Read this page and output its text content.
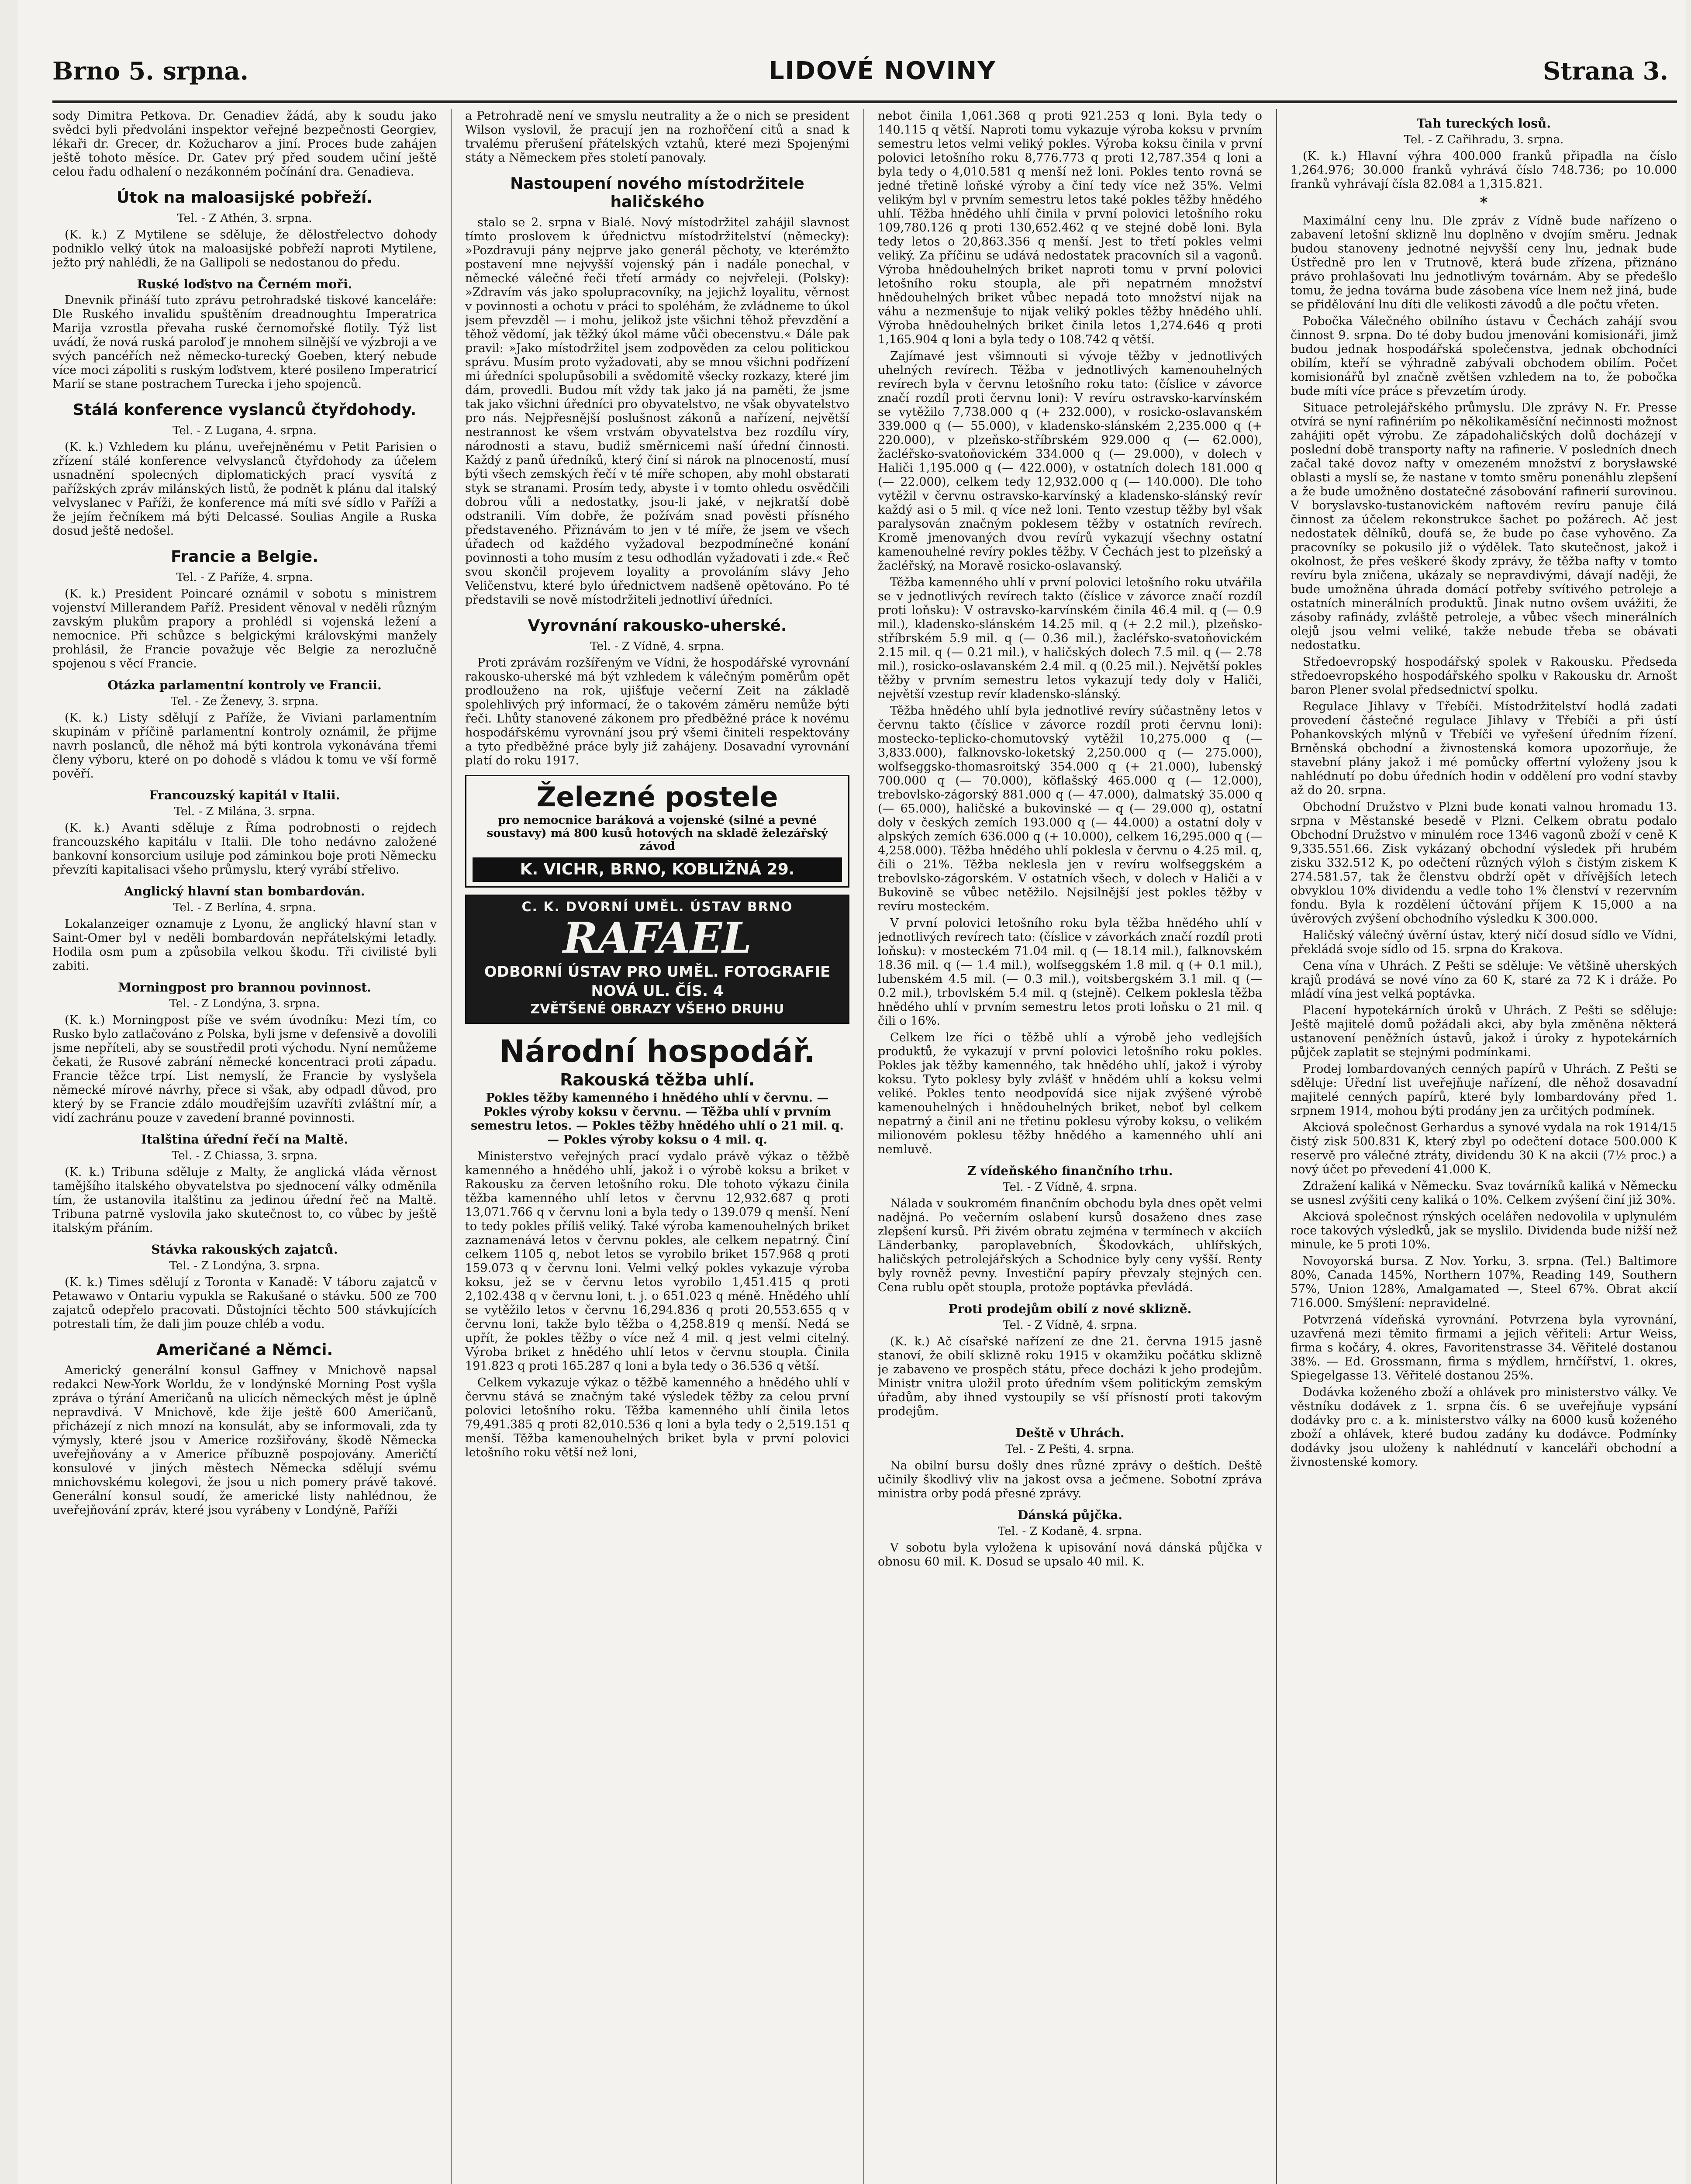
Brno 5. srpna.	LIDOVÉ NOVINY	Strana 3.

sody Dimitra Petkova. Dr. Genadiev žádá, aby k soudu jako svědci byli předvoláni inspektor veřejné bezpečnosti Georgiev, lékaři dr. Grecer, dr. Kožucharov a jiní. Proces bude zahájen ještě tohoto měsíce. Dr. Gatev prý před soudem učiní ještě celou řadu odhalení o nezákonném počínání dra. Genadieva.

Útok na maloasijské pobřeží.

Tel. - Z Athén, 3. srpna.

(K. k.) Z Mytilene se sděluje, že dělostřelectvo dohody podniklo velký útok na maloasijské pobřeží naproti Mytilene, ježto prý nahlédli, že na Gallipoli se nedostanou do předu.

Ruské loďstvo na Černém moři.

Dnevnik přináší tuto zprávu petrohradské tiskové kanceláře: Dle Ruského invalidu spuštěním dreadnoughtu Imperatrica Marija vzrostla převaha ruské černomořské flotily. Týž list uvádí, že nová ruská paroloď je mnohem silnější ve výzbroji a ve svých pancéřích než německo-turecký Goeben, který nebude více moci zápoliti s ruským loďstvem, které posileno Imperatricí Marií se stane postrachem Turecka i jeho spojenců.

Stálá konference vyslanců čtyřdohody.

Tel. - Z Lugana, 4. srpna.

(K. k.) Vzhledem ku plánu, uveřejněnému v Petit Parisien o zřízení stálé konference velvyslanců čtyřdohody za účelem usnadnění spolecných diplomatických prací vysvítá z pařížských zpráv milánských listů, že podnět k plánu dal italský velvyslanec v Paříži, že konference má míti své sídlo v Paříži a že jejím řečníkem má býti Delcassé. Soulias Angile a Ruska dosud ještě nedošel.

Francie a Belgie.

Tel. - Z Paříže, 4. srpna.

(K. k.) President Poincaré oznámil v sobotu s ministrem vojenství Millerandem Paříž. President věnoval v neděli různým zavským plukům prapory a prohlédl si vojenská ležení a nemocnice. Při schůzce s belgickými královskými manžely prohlásil, že Francie považuje věc Belgie za nerozlučně spojenou s věcí Francie.

Otázka parlamentní kontroly ve Francii.

Tel. - Ze Ženevy, 3. srpna.

(K. k.) Listy sdělují z Paříže, že Viviani parlamentním skupinám v příčině parlamentní kontroly oznámil, že přijme navrh poslanců, dle něhož má býti kontrola vykonávána třemi členy výboru, které on po dohodě s vládou k tomu ve vší formě pověří.

Francouzský kapitál v Italii.

Tel. - Z Milána, 3. srpna.

(K. k.) Avanti sděluje z Říma podrobnosti o rejdech francouzského kapitálu v Italii. Dle toho nedávno založené bankovní konsorcium usiluje pod záminkou boje proti Německu převzíti kapitalisaci všeho průmyslu, který vyrábí střelivo.

Anglický hlavní stan bombardován.

Tel. - Z Berlína, 4. srpna.

Lokalanzeiger oznamuje z Lyonu, že anglický hlavní stan v Saint-Omer byl v neděli bombardován nepřátelskými letadly. Hodila osm pum a způsobila velkou škodu. Tři civilisté byli zabiti.

Morningpost pro brannou povinnost.

Tel. - Z Londýna, 3. srpna.

(K. k.) Morningpost píše ve svém úvodníku: Mezi tím, co Rusko bylo zatlačováno z Polska, byli jsme v defensivě a dovolili jsme nepříteli, aby se soustředil proti východu. Nyní nemůžeme čekati, že Rusové zabrání německé koncentraci proti západu. Francie těžce trpí. List nemyslí, že Francie by vyslyšela německé mírové návrhy, přece si však, aby odpadl důvod, pro který by se Francie zdálo moudřejším uzavříti zvláštní mír, a vidí zachránu pouze v zavedení branné povinnosti.

Italština úřední řečí na Maltě.

Tel. - Z Chiassa, 3. srpna.

(K. k.) Tribuna sděluje z Malty, že anglická vláda věrnost tamějšího italského obyvatelstva po sjednocení války odměnila tím, že ustanovila italštinu za jedinou úřední řeč na Maltě. Tribuna patrně vyslovila jako skutečnost to, co vůbec by ještě italským přáním.

Stávka rakouských zajatců.

Tel. - Z Londýna, 3. srpna.

(K. k.) Times sdělují z Toronta v Kanadě: V táboru zajatců v Petawawo v Ontariu vypukla se Rakušané o stávku. 500 ze 700 zajatců odepřelo pracovati. Důstojníci těchto 500 stávkujících potrestali tím, že dali jim pouze chléb a vodu.

Američané a Němci.

Americký generální konsul Gaffney v Mnichově napsal redakci New-York Worldu, že v londýnské Morning Post vyšla zpráva o týrání Američanů na ulicích německých měst je úplně nepravdivá. V Mnichově, kde žije ještě 600 Američanů, přicházejí z nich mnozí na konsulát, aby se informovali, zda ty výmysly, které jsou v Americe rozšiřovány, škodě Německa uveřejňovány a v Americe příbuzně pospojovány. Američtí konsulové v jiných městech Německa sdělují svému mnichovskému kolegovi, že jsou u nich pomery právě takové. Generální konsul soudí, že americké listy nahlédnou, že uveřejňování zpráv, které jsou vyrábeny v Londýně, Paříži

a Petrohradě není ve smyslu neutrality a že o nich se president Wilson vyslovil, že pracují jen na rozhořčení citů a snad k trvalému přerušení přátelských vztahů, které mezi Spojenými státy a Německem přes století panovaly.

Nastoupení nového místodržitele haličského

stalo se 2. srpna v Bialé. Nový místodržitel zahájil slavnost tímto proslovem k úřednictvu místodržitelství (německy): »Pozdravuji pány nejprve jako generál pěchoty, ve kterémžto postavení mne nejvyšší vojenský pán i nadále ponechal, v německé válečné řeči třetí armády co nejvřeleji. (Polsky): »Zdravím vás jako spolupracovníky, na jejichž loyalitu, věrnost v povinnosti a ochotu v práci to spoléhám, že zvládneme to úkol jsem převzděl — i mohu, jelikož jste všichni těhož převzdění a těhož vědomí, jak těžký úkol máme vůči obecenstvu.« Dále pak pravil: »Jako místodržitel jsem zodpověden za celou politickou správu. Musím proto vyžadovati, aby se mnou všichni podřízení mi úředníci spolupůsobili a svědomitě všecky rozkazy, které jim dám, provedli. Budou mít vždy tak jako já na paměti, že jsme tak jako všichni úředníci pro obyvatelstvo, ne však obyvatelstvo pro nás. Nejpřesnější poslušnost zákonů a nařízení, největší nestrannost ke všem vrstvám obyvatelstva bez rozdílu víry, národnosti a stavu, budiž směrnicemi naší úřední činnosti. Každý z panů úředníků, který činí si nárok na plnoceností, musí býti všech zemských řečí v té míře schopen, aby mohl obstarati styk se stranami. Prosím tedy, abyste i v tomto ohledu osvědčili dobrou vůli a nedostatky, jsou-li jaké, v nejkratší době odstranili. Vím dobře, že požívám snad pověsti přísného představeného. Přiznávám to jen v té míře, že jsem ve všech úřadech od každého vyžadoval bezpodmínečné konání povinnosti a toho musím z tesu odhodlán vyžadovati i zde.« Řeč svou skončil projevem loyality a provoláním slávy Jeho Veličenstvu, které bylo úřednictvem nadšeně opětováno. Po té představili se nově místodržiteli jednotliví úředníci.

Vyrovnání rakousko-uherské.

Tel. - Z Vídně, 4. srpna.

Proti zprávám rozšířeným ve Vídni, že hospodářské vyrovnání rakousko-uherské má být vzhledem k válečným poměrům opět prodlouženo na rok, ujišťuje večerní Zeit na základě spolehlivých prý informací, že o takovém záměru nemůže býti řeči. Lhůty stanovené zákonem pro předběžné práce k novému hospodářskému vyrovnání jsou prý všemi činiteli respektovány a tyto předběžné práce byly již zahájeny. Dosavadní vyrovnání platí do roku 1917.

Železné postele
pro nemocnice baráková a vojenské (silné a pevné soustavy) má 800 kusů hotových na skladě železářský závod
K. VICHR, BRNO, KOBLIŽNÁ 29.
C. K. DVORNÍ UMĚL. ÚSTAV BRNO
RAFAEL
ODBORNÍ ÚSTAV PRO UMĚL. FOTOGRAFIE NOVÁ UL. ČÍS. 4
ZVĚTŠENÉ OBRAZY VŠEHO DRUHU
Národní hospodář.
Rakouská těžba uhlí.

Pokles těžby kamenného i hnědého uhlí v červnu. — Pokles výroby koksu v červnu. — Těžba uhlí v prvním semestru letos. — Pokles těžby hnědého uhlí o 21 mil. q. — Pokles výroby koksu o 4 mil. q.

Ministerstvo veřejných prací vydalo právě výkaz o těžbě kamenného a hnědého uhlí, jakož i o výrobě koksu a briket v Rakousku za červen letošního roku. Dle tohoto výkazu činila těžba kamenného uhlí letos v červnu 12,932.687 q proti 13,071.766 q v červnu loni a byla tedy o 139.079 q menší. Není to tedy pokles příliš veliký. Také výroba kamenouhelných briket zaznamenává letos v červnu pokles, ale celkem nepatrný. Činí celkem 1105 q, nebot letos se vyrobilo briket 157.968 q proti 159.073 q v červnu loni. Velmi velký pokles vykazuje výroba koksu, jež se v červnu letos vyrobilo 1,451.415 q proti 2,102.438 q v červnu loni, t. j. o 651.023 q méně. Hnědého uhlí se vytěžilo letos v červnu 16,294.836 q proti 20,553.655 q v červnu loni, takže bylo těžba o 4,258.819 q menší. Nedá se upřít, že pokles těžby o více než 4 mil. q jest velmi citelný. Výroba briket z hnědého uhlí letos v červnu stoupla. Činila 191.823 q proti 165.287 q loni a byla tedy o 36.536 q větší.

Celkem vykazuje výkaz o těžbě kamenného a hnědého uhlí v červnu stává se značným také výsledek těžby za celou první polovici letošního roku. Těžba kamenného uhlí činila letos 79,491.385 q proti 82,010.536 q loni a byla tedy o 2,519.151 q menší. Těžba kamenouhelných briket byla v první polovici letošního roku větší než loni,

nebot činila 1,061.368 q proti 921.253 q loni. Byla tedy o 140.115 q větší. Naproti tomu vykazuje výroba koksu v prvním semestru letos velmi veliký pokles. Výroba koksu činila v první polovici letošního roku 8,776.773 q proti 12,787.354 q loni a byla tedy o 4,010.581 q menší než loni. Pokles tento rovná se jedné třetině loňské výroby a činí tedy více než 35%. Velmi velikým byl v prvním semestru letos také pokles těžby hnědého uhlí. Těžba hnědého uhlí činila v první polovici letošního roku 109,780.126 q proti 130,652.462 q ve stejné době loni. Byla tedy letos o 20,863.356 q menší. Jest to třetí pokles velmi veliký. Za příčinu se udává nedostatek pracovních sil a vagonů. Výroba hnědouhelných briket naproti tomu v první polovici letošního roku stoupla, ale při nepatrném množství hnědouhelných briket vůbec nepadá toto množství nijak na váhu a nezmenšuje to nijak veliký pokles těžby hnědého uhlí. Výroba hnědouhelných briket činila letos 1,274.646 q proti 1,165.904 q loni a byla tedy o 108.742 q větší.

Zajímavé jest všimnouti si vývoje těžby v jednotlivých uhelných revírech. Těžba v jednotlivých kamenouhelných revírech byla v červnu letošního roku tato: (číslice v závorce značí rozdíl proti červnu loni): V revíru ostravsko-karvínském se vytěžilo 7,738.000 q (+ 232.000), v rosicko-oslavanském 339.000 q (— 55.000), v kladensko-slánském 2,235.000 q (+ 220.000), v plzeňsko-stříbrském 929.000 q (— 62.000), žacléřsko-svatoňovickém 334.000 q (— 29.000), v dolech v Haliči 1,195.000 q (— 422.000), v ostatních dolech 181.000 q (— 22.000), celkem tedy 12,932.000 q (— 140.000). Dle toho vytěžil v červnu ostravsko-karvínský a kladensko-slánský revír každý asi o 5 mil. q více než loni. Tento vzestup těžby byl však paralysován značným poklesem těžby v ostatních revírech. Kromě jmenovaných dvou revírů vykazují všechny ostatní kamenouhelné revíry pokles těžby. V Čechách jest to plzeňský a žacléřský, na Moravě rosicko-oslavanský.

Těžba kamenného uhlí v první polovici letošního roku utvářila se v jednotlivých revírech takto (číslice v závorce značí rozdíl proti loňsku): V ostravsko-karvínském činila 46.4 mil. q (— 0.9 mil.), kladensko-slánském 14.25 mil. q (+ 2.2 mil.), plzeňsko-stříbrském 5.9 mil. q (— 0.36 mil.), žacléřsko-svatoňovickém 2.15 mil. q (— 0.21 mil.), v haličských dolech 7.5 mil. q (— 2.78 mil.), rosicko-oslavanském 2.4 mil. q (0.25 mil.). Největší pokles těžby v prvním semestru letos vykazují tedy doly v Haliči, největší vzestup revír kladensko-slánský.

Těžba hnědého uhlí byla jednotlivé revíry súčastněny letos v červnu takto (číslice v závorce rozdíl proti červnu loni): mostecko-teplicko-chomutovský vytěžil 10,275.000 q (— 3,833.000), falknovsko-loketský 2,250.000 q (— 275.000), wolfseggsko-thomasroitský 354.000 q (+ 21.000), lubenský 700.000 q (— 70.000), köflašský 465.000 q (— 12.000), trebovlsko-zágorský 881.000 q (— 47.000), dalmatský 35.000 q (— 65.000), haličské a bukovinské — q (— 29.000 q), ostatní doly v českých zemích 193.000 q (— 44.000) a ostatní doly v alpských zemích 636.000 q (+ 10.000), celkem 16,295.000 q (— 4,258.000). Těžba hnědého uhlí poklesla v červnu o 4.25 mil. q, čili o 21%. Těžba neklesla jen v revíru wolfseggském a trebovlsko-zágorském. V ostatních všech, v dolech v Haliči a v Bukovině se vůbec netěžilo. Nejsilnější jest pokles těžby v revíru mosteckém.

V první polovici letošního roku byla těžba hnědého uhlí v jednotlivých revírech tato: (číslice v závorkách značí rozdíl proti loňsku): v mosteckém 71.04 mil. q (— 18.14 mil.), falknovském 18.36 mil. q (— 1.4 mil.), wolfseggském 1.8 mil. q (+ 0.1 mil.), lubenském 4.5 mil. (— 0.3 mil.), voitsbergském 3.1 mil. q (— 0.2 mil.), trbovlském 5.4 mil. q (stejně). Celkem poklesla těžba hnědého uhlí v prvním semestru letos proti loňsku o 21 mil. q čili o 16%.

Celkem lze říci o těžbě uhlí a výrobě jeho vedlejších produktů, že vykazují v první polovici letošního roku pokles. Pokles jak těžby kamenného, tak hnědého uhlí, jakož i výroby koksu. Tyto poklesy byly zvlášť v hnědém uhlí a koksu velmi veliké. Pokles tento neodpovídá sice nijak zvýšené výrobě kamenouhelných i hnědouhelných briket, neboť byl celkem nepatrný a činil ani ne třetinu poklesu výroby koksu, o velikém milionovém poklesu těžby hnědého a kamenného uhlí ani nemluvě.

Z vídeňského finančního trhu.

Tel. - Z Vídně, 4. srpna.

Nálada v soukromém finančním obchodu byla dnes opět velmi nadějná. Po večerním oslabení kursů dosaženo dnes zase zlepšení kursů. Při živém obratu zejména v termínech v akciích Länderbanky, paroplavebních, Škodovkách, uhlířských, haličských petrolejářských a Schodnice byly ceny vyšší. Renty byly rovněž pevny. Investiční papíry převzaly stejných cen. Cena rublu opět stoupla, protože poptávka převládá.

Proti prodejům obilí z nové sklizně.

Tel. - Z Vídně, 4. srpna.

(K. k.) Ač císařské nařízení ze dne 21. června 1915 jasně stanoví, že obilí sklizně roku 1915 v okamžiku počátku sklizně je zabaveno ve prospěch státu, přece docházi k jeho prodejům. Ministr vnitra uložil proto úředním všem politickým zemským úřadům, aby ihned vystoupily se vší přísností proti takovým prodejům.

Deště v Uhrách.

Tel. - Z Pešti, 4. srpna.

Na obilní bursu došly dnes různé zprávy o deštích. Deště učinily škodlivý vliv na jakost ovsa a ječmene. Sobotní zpráva ministra orby podá přesné zprávy.

Dánská půjčka.

Tel. - Z Kodaně, 4. srpna.

V sobotu byla vyložena k upisování nová dánská půjčka v obnosu 60 mil. K. Dosud se upsalo 40 mil. K.

Tah tureckých losů.

Tel. - Z Cařihradu, 3. srpna.

(K. k.) Hlavní výhra 400.000 franků připadla na číslo 1,264.976; 30.000 franků vyhrává číslo 748.736; po 10.000 franků vyhrávají čísla 82.084 a 1,315.821.

*

Maximální ceny lnu. Dle zpráv z Vídně bude nařízeno o zabavení letošní sklizně lnu doplněno v dvojím směru. Jednak budou stanoveny jednotné nejvyšší ceny lnu, jednak bude Ústředně pro len v Trutnově, která bude zřízena, přiznáno právo prohlašovati lnu jednotlivým továrnám. Aby se předešlo tomu, že jedna továrna bude zásobena více lnem než jiná, bude se přidělování lnu díti dle velikosti závodů a dle počtu vřeten.

Pobočka Válečného obilního ústavu v Čechách zahájí svou činnost 9. srpna. Do té doby budou jmenováni komisionáři, jimž budou jednak hospodářská společenstva, jednak obchodníci obilím, kteří se výhradně zabývali obchodem obilím. Počet komisionářů byl značně zvětšen vzhledem na to, že pobočka bude míti více práce s převzetím úrody.

Situace petrolejářského průmyslu. Dle zprávy N. Fr. Presse otvírá se nyní rafinériím po několikaměsíční nečinnosti možnost zahájiti opět výrobu. Ze západohaličských dolů docházejí v poslední době transporty nafty na rafinerie. V posledních dnech začal také dovoz nafty v omezeném množství z borysławské oblasti a myslí se, že nastane v tomto směru ponenáhlu zlepšení a že bude umožněno dostatečné zásobování rafinerií surovinou. V boryslavsko-tustanovickém naftovém revíru panuje čilá činnost za účelem rekonstrukce šachet po požárech. Ač jest nedostatek dělníků, doufá se, že bude po čase vyhověno. Za pracovníky se pokusilo již o výdělek. Tato skutečnost, jakož i okolnost, že přes veškeré škody zprávy, že těžba nafty v tomto revíru byla zničena, ukázaly se nepravdivými, dávají naději, že bude umožněna úhrada domácí potřeby svítivého petroleje a ostatních minerálních produktů. Jinak nutno ovšem uvážiti, že zásoby rafinády, zvláště petroleje, a vůbec všech minerálních olejů jsou velmi veliké, takže nebude třeba se obávati nedostatku.

Středoevropský hospodářský spolek v Rakousku. Předseda středoevropského hospodářského spolku v Rakousku dr. Arnošt baron Plener svolal předsednictví spolku.

Regulace Jihlavy v Třebíči. Místodržitelství hodlá zadati provedení částečné regulace Jihlavy v Třebíči a při ústí Pohankovských mlýnů v Třebíči ve vyřešení úředním řízení. Brněnská obchodní a živnostenská komora upozorňuje, že stavební plány jakož i mé pomůcky offertní vyloženy jsou k nahlédnutí po dobu úředních hodin v oddělení pro vodní stavby až do 20. srpna.

Obchodní Družstvo v Plzni bude konati valnou hromadu 13. srpna v Městanské besedě v Plzni. Celkem obratu podalo Obchodní Družstvo v minulém roce 1346 vagonů zboží v ceně K 9,335.551.66. Zisk vykázaný obchodní výsledek při hrubém zisku 332.512 K, po odečtení různých výloh s čistým ziskem K 274.581.57, tak že členstvu obdrží opět v dřívějších letech obvyklou 10% dividendu a vedle toho 1% členství v rezervním fondu. Byla k rozdělení účtování příjem K 15,000 a na úvěrových zvýšení obchodního výsledku K 300.000.

Haličský válečný úvěrní ústav, který ničí dosud sídlo ve Vídni, překládá svoje sídlo od 15. srpna do Krakova.

Cena vína v Uhrách. Z Pešti se sděluje: Ve většině uherských krajů prodává se nové víno za 60 K, staré za 72 K i dráže. Po mládí vína jest velká poptávka.

Placení hypotekárních úroků v Uhrách. Z Pešti se sděluje: Ještě majitelé domů požádali akci, aby byla změněna některá ustanovení peněžních ústavů, jakož i úroky z hypotekárních půjček zaplatit se stejnými podmínkami.

Prodej lombardovaných cenných papírů v Uhrách. Z Pešti se sděluje: Úřední list uveřejňuje nařízení, dle něhož dosavadní majitelé cenných papírů, které byly lombardovány před 1. srpnem 1914, mohou býti prodány jen za určitých podmínek.

Akciová společnost Gerhardus a synové vydala na rok 1914/15 čistý zisk 500.831 K, který zbyl po odečtení dotace 500.000 K reservě pro válečné ztráty, dividendu 30 K na akcii (7½ proc.) a nový účet po převedení 41.000 K.

Zdražení kaliká v Německu. Svaz továrníků kaliká v Německu se usnesl zvýšiti ceny kaliká o 10%. Celkem zvýšení činí již 30%.

Akciová společnost rýnských ocelářen nedovolila v uplynulém roce takových výsledků, jak se myslilo. Dividenda bude nižší než minule, ke 5 proti 10%.

Novoyorská bursa. Z Nov. Yorku, 3. srpna. (Tel.) Baltimore 80%, Canada 145%, Northern 107%, Reading 149, Southern 57%, Union 128%, Amalgamated —, Steel 67%. Obrat akcií 716.000. Smýšlení: nepravidelné.

Potvrzená vídeňská vyrovnání. Potvrzena byla vyrovnání, uzavřená mezi těmito firmami a jejich věřiteli: Artur Weiss, firma s kočáry, 4. okres, Favoritenstrasse 34. Věřitelé dostanou 38%. — Ed. Grossmann, firma s mýdlem, hrnčířství, 1. okres, Spiegelgasse 13. Věřitelé dostanou 25%.

Dodávka koženého zboží a ohlávek pro ministerstvo války. Ve věstníku dodávek z 1. srpna čís. 6 se uveřejňuje vypsání dodávky pro c. a k. ministerstvo války na 6000 kusů koženého zboží a ohlávek, které budou zadány ku dodávce. Podmínky dodávky jsou uloženy k nahlédnutí v kanceláři obchodní a živnostenské komory.
